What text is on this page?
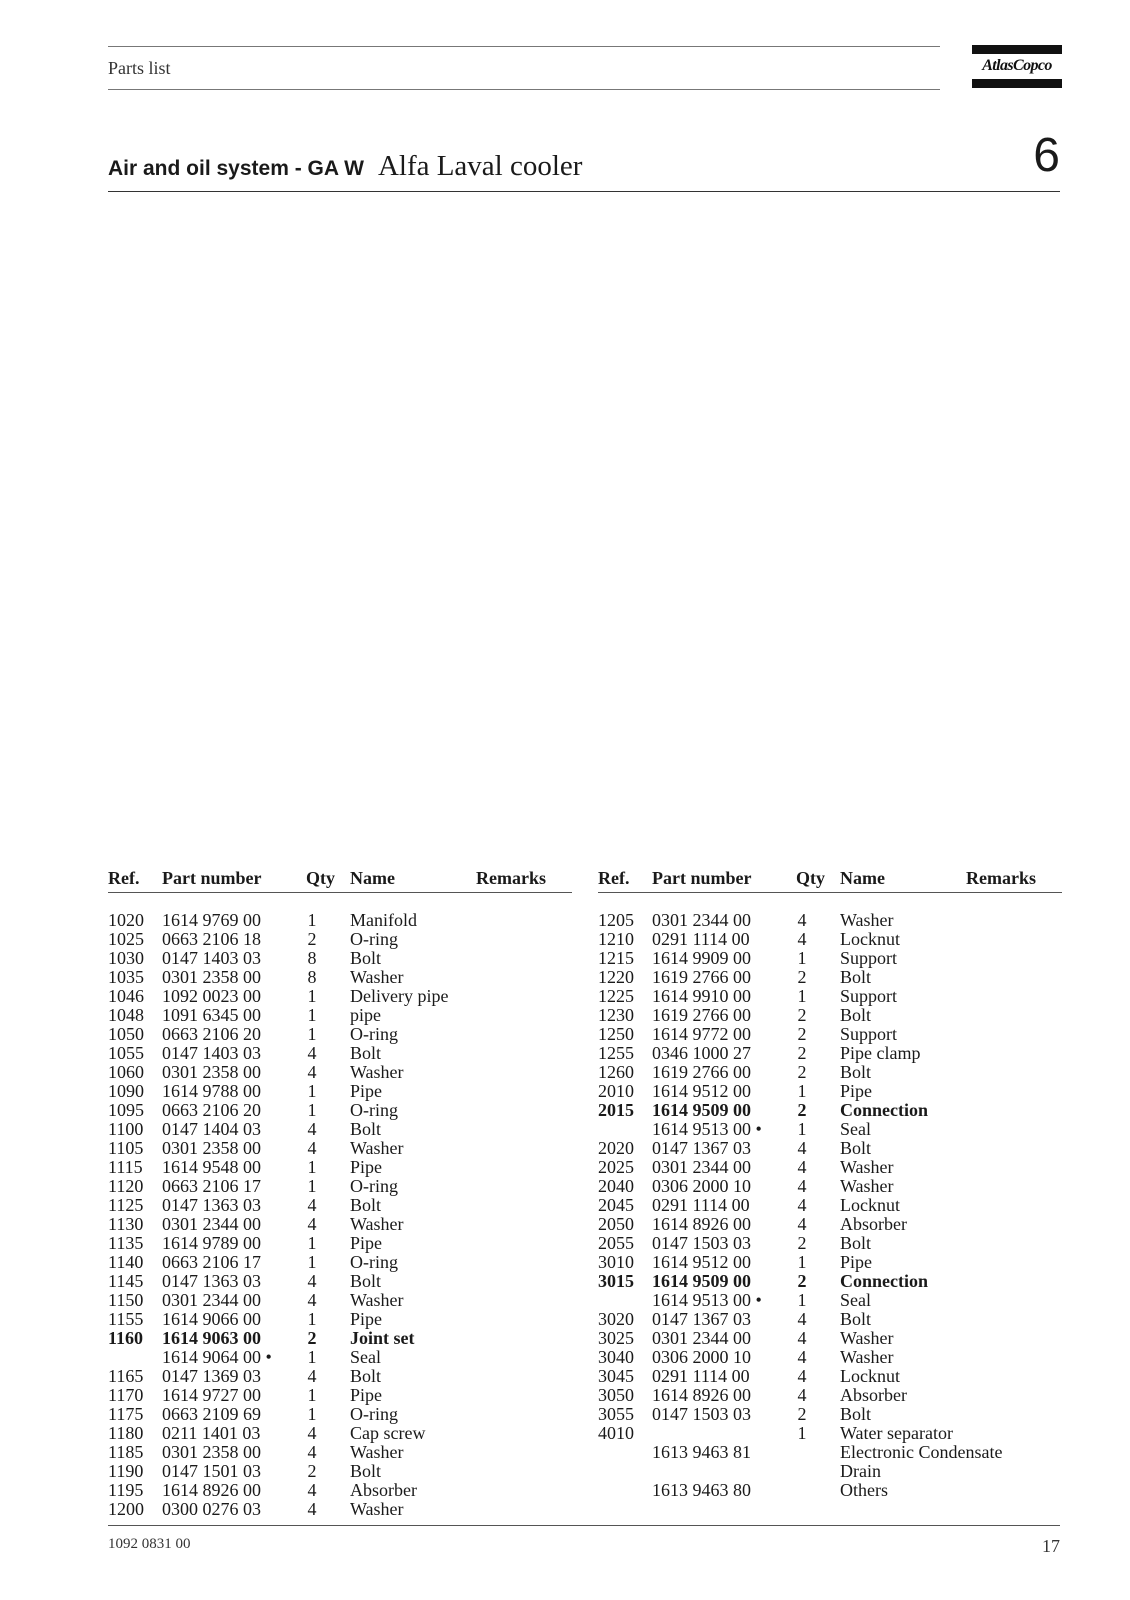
Parts list	AtlasCopco
Air and oil system - GA W Alfa Laval cooler	6
Ref. Part number Qty Name	Remarks
1020 1614 9769 00	1 Manifold
1025 0663 2106 18	2 O-ring
1030 0147 1403 03	8 Bolt
1035 0301 2358 00	8 Washer
1046 1092 0023 00	1 Delivery pipe
1048 1091 6345 00	1 pipe
1050 0663 2106 20	1 O-ring
1055 0147 1403 03	4 Bolt
1060 0301 2358 00	4 Washer
1090 1614 9788 00	1 Pipe
1095 0663 2106 20	1 O-ring
1100 0147 1404 03	4 Bolt
1105 0301 2358 00	4 Washer
1115 1614 9548 00	1 Pipe
1120 0663 2106 17	1 O-ring
1125 0147 1363 03	4 Bolt
1130 0301 2344 00	4 Washer
1135 1614 9789 00	1 Pipe
1140 0663 2106 17	1 O-ring
1145 0147 1363 03	4 Bolt
1150 0301 2344 00	4 Washer
1155 1614 9066 00	1 Pipe
1160 1614 9063 00	2 Joint set
1614 9064 00 • 1 Seal
1165 0147 1369 03	4 Bolt
1170 1614 9727 00	1 Pipe
1175 0663 2109 69	1 O-ring
1180 0211 1401 03	4 Cap screw
1185 0301 2358 00	4 Washer
1190 0147 1501 03	2 Bolt
1195 1614 8926 00	4 Absorber
1200 0300 0276 03	4 Washer
Ref. Part number Qty Name	Remarks
1205 0301 2344 00	4 Washer
1210 0291 1114 00	4 Locknut
1215 1614 9909 00	1 Support
1220 1619 2766 00	2 Bolt
1225 1614 9910 00	1 Support
1230 1619 2766 00	2 Bolt
1250 1614 9772 00	2 Support
1255 0346 1000 27	2 Pipe clamp
1260 1619 2766 00	2 Bolt
2010 1614 9512 00	1 Pipe
2015 1614 9509 00	2 Connection
1614 9513 00 • 1 Seal
2020 0147 1367 03	4 Bolt
2025 0301 2344 00	4 Washer
2040 0306 2000 10	4 Washer
2045 0291 1114 00	4 Locknut
2050 1614 8926 00	4 Absorber
2055 0147 1503 03	2 Bolt
3010 1614 9512 00	1 Pipe
3015 1614 9509 00	2 Connection
1614 9513 00 • 1 Seal
3020 0147 1367 03	4 Bolt
3025 0301 2344 00	4 Washer
3040 0306 2000 10	4 Washer
3045 0291 1114 00	4 Locknut
3050 1614 8926 00	4 Absorber
3055 0147 1503 03	2 Bolt
4010	1 Water separator
1613 9463 81	Electronic Condensate
Drain
1613 9463 80	Others
1092 0831 00	17
